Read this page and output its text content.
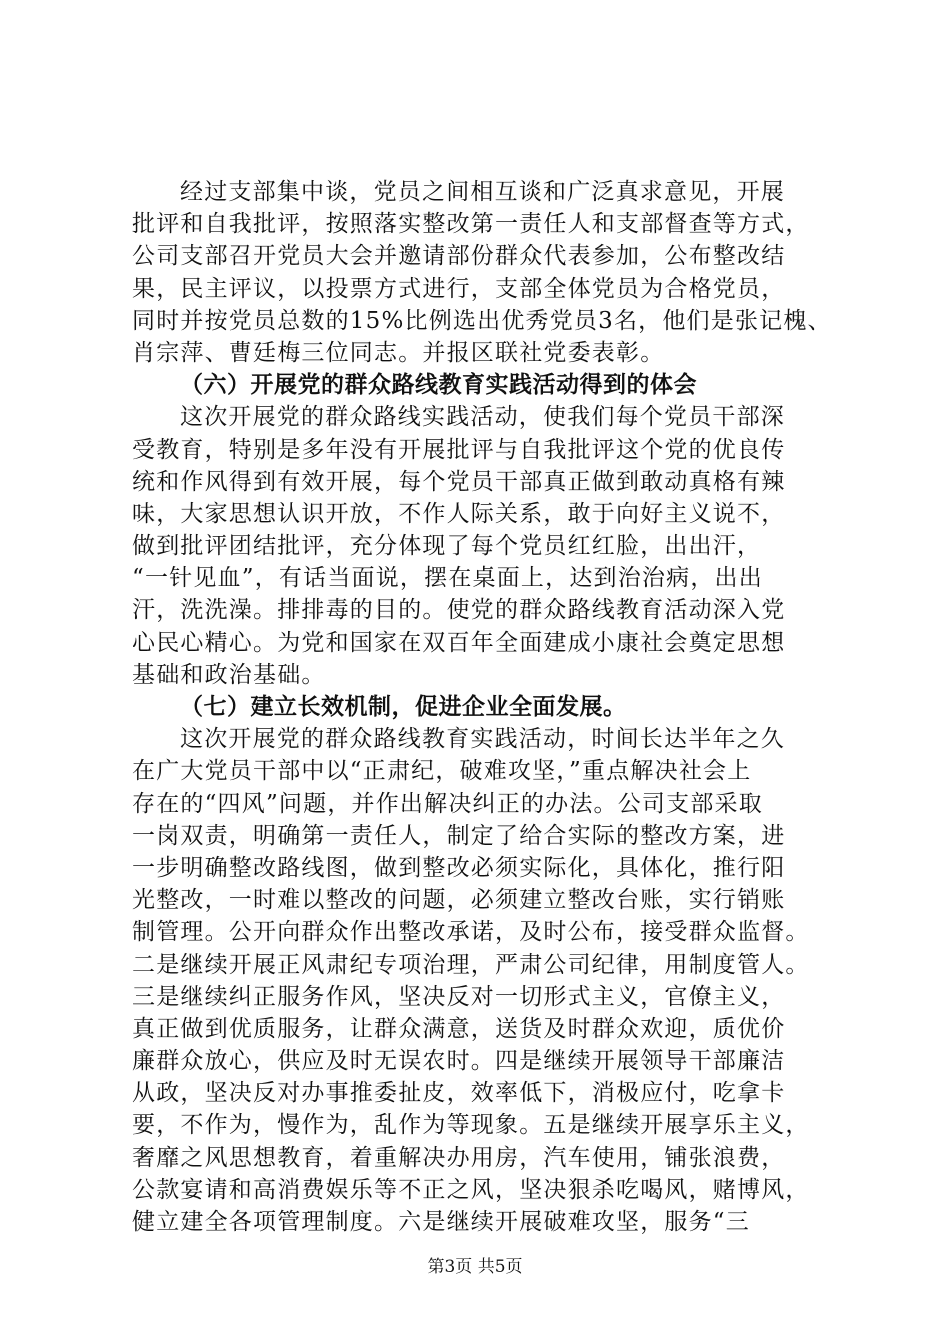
经过支部集中谈，党员之间相互谈和广泛真求意见，开展
批评和自我批评，按照落实整改第一责任人和支部督查等方式，
公司支部召开党员大会并邀请部份群众代表参加，公布整改结
果，民主评议，以投票方式进行，支部全体党员为合格党员，
同时并按党员总数的15%比例选出优秀党员3名，他们是张记槐、
肖宗萍、曹廷梅三位同志。并报区联社党委表彰。
（六）开展党的群众路线教育实践活动得到的体会
这次开展党的群众路线实践活动，使我们每个党员干部深
受教育，特别是多年没有开展批评与自我批评这个党的优良传
统和作风得到有效开展，每个党员干部真正做到敢动真格有辣
味，大家思想认识开放，不作人际关系，敢于向好主义说不，
做到批评团结批评，充分体现了每个党员红红脸，出出汗，
“一针见血”，有话当面说，摆在桌面上，达到治治病，出出
汗，洗洗澡。排排毒的目的。使党的群众路线教育活动深入党
心民心精心。为党和国家在双百年全面建成小康社会奠定思想
基础和政治基础。
（七）建立长效机制，促进企业全面发展。
这次开展党的群众路线教育实践活动，时间长达半年之久
在广大党员干部中以“正肃纪，破难攻坚，”重点解决社会上
存在的“四风”问题，并作出解决纠正的办法。公司支部采取
一岗双责，明确第一责任人，制定了给合实际的整改方案，进
一步明确整改路线图，做到整改必须实际化，具体化，推行阳
光整改，一时难以整改的问题，必须建立整改台账，实行销账
制管理。公开向群众作出整改承诺，及时公布，接受群众监督。
二是继续开展正风肃纪专项治理，严肃公司纪律，用制度管人。
三是继续纠正服务作风，坚决反对一切形式主义，官僚主义，
真正做到优质服务，让群众满意，送货及时群众欢迎，质优价
廉群众放心，供应及时无误农时。四是继续开展领导干部廉洁
从政，坚决反对办事推委扯皮，效率低下，消极应付，吃拿卡
要，不作为，慢作为，乱作为等现象。五是继续开展享乐主义，
奢靡之风思想教育，着重解决办用房，汽车使用，铺张浪费，
公款宴请和高消费娱乐等不正之风，坚决狠杀吃喝风，赌博风，
健立建全各项管理制度。六是继续开展破难攻坚，服务“三
第3页 共5页
